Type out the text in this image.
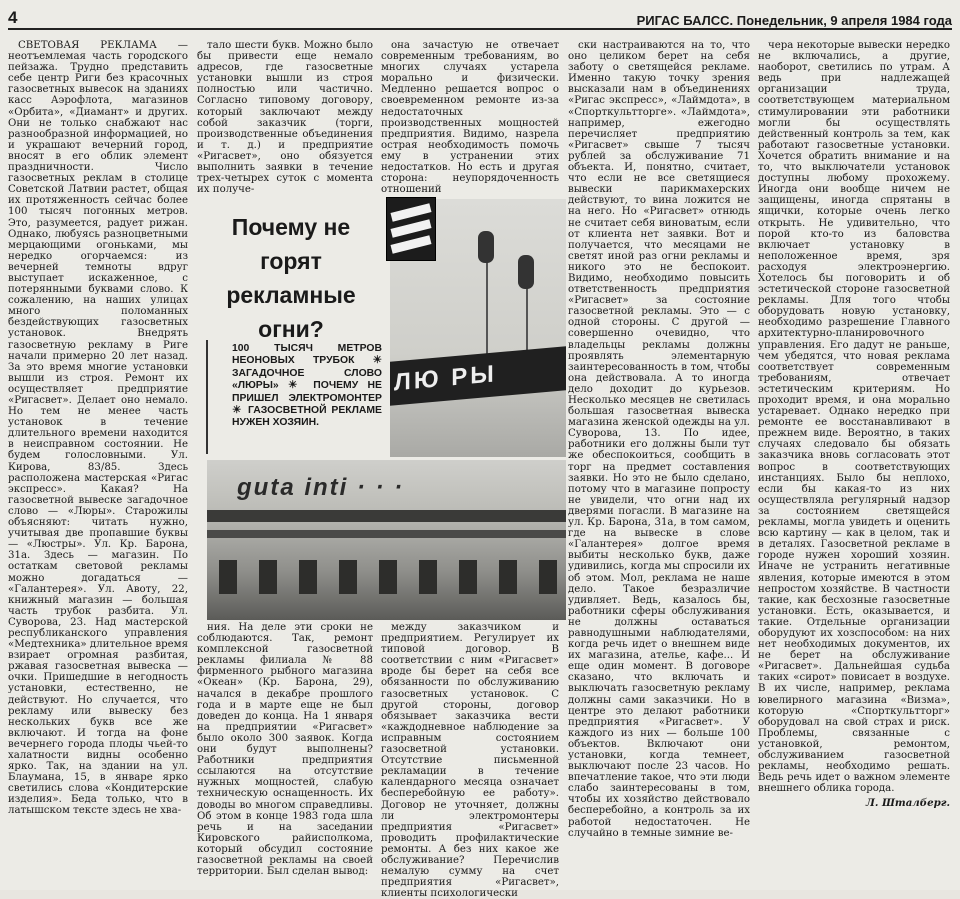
4	РИГАС БАЛСС. Понедельник, 9 апреля 1984 года

СВЕТОВАЯ РЕКЛАМА — неотъемлемая часть городского пейзажа. Трудно представить себе центр Риги без красочных газосветных вывесок на зданиях касс Аэрофлота, магазинов «Орбита», «Диамант» и других. Они не только снабжают нас разнообразной информацией, но и украшают вечерний город, вносят в его облик элемент праздничности. Число газосветных реклам в столице Советской Латвии растет, общая их протяженность сейчас более 100 тысяч погонных метров. Это, разумеется, радует рижан. Однако, любуясь разноцветными мерцающими огоньками, мы нередко огорчаемся: из вечерней темноты вдруг выступает искаженное, с потерянными буквами слово. К сожалению, на наших улицах много поломанных бездействующих газосветных установок. Внедрять газосветную рекламу в Риге начали примерно 20 лет назад. За это время многие установки вышли из строя. Ремонт их осуществляет предприятие «Ригасвет». Делает оно немало. Но тем не менее часть установок в течение длительного времени находится в неисправном состоянии. Не будем голословными. Ул. Кирова, 83/85. Здесь расположена мастерская «Ригас экспресс». Какая? На газосветной вывеске загадочное слово — «Люры». Старожилы объясняют: читать нужно, учитывая две пропавшие буквы — «Люстры». Ул. Кр. Барона, 31а. Здесь — магазин. По остаткам световой рекламы можно догадаться — «Галантерея». Ул. Авоту, 22, книжный магазин — большая часть трубок разбита. Ул. Суворова, 23. Над мастерской республиканского управления «Медтехника» длительное время взирает огромная разбитая, ржавая газосветная вывеска — очки. Пришедшие в негодность установки, естественно, не действуют. Но случается, что рекламу или вывеску без нескольких букв все же включают. И тогда на фоне вечернего города плоды чьей-то халатности видны особенно ярко. Так, на здании на ул. Блаумана, 15, в январе ярко светились слова «Кондитерские изделия». Беда только, что в латышском тексте здесь не хва-

тало шести букв. Можно было бы привести еще немало адресов, где газосветные установки вышли из строя полностью или частично. Согласно типовому договору, который заключают между собой заказчик (торги, производственные объединения и т. д.) и предприятие «Ригасвет», оно обязуется выполнить заявки в течение трех-четырех суток с момента их получе-

она зачастую не отвечает современным требованиям, во многих случаях устарела морально и физически. Медленно решается вопрос о своевременном ремонте из-за недостаточных производственных мощностей предприятия. Видимо, назрела острая необходимость помочь ему в устранении этих недостатков. Но есть и другая сторона: неупорядоченность отношений

ски настраиваются на то, что оно целиком берет на себя заботу о светящейся рекламе. Именно такую точку зрения высказали нам в объединениях «Ригас экспресс», «Лаймдота», в «Спорткультторге». «Лаймдота», например, ежегодно перечисляет предприятию «Ригасвет» свыше 7 тысяч рублей за обслуживание 71 объекта. И, понятно, считает, что если не все светящиеся вывески парикмахерских действуют, то вина ложится не на него. Но «Ригасвет» отнюдь не считает себя виноватым, если от клиента нет заявки. Вот и получается, что месяцами не светят иной раз огни рекламы и никого это не беспокоит. Видимо, необходимо повысить ответственность предприятия «Ригасвет» за состояние газосветной рекламы. Это — с одной стороны. С другой — совершенно очевидно, что владельцы рекламы должны проявлять элементарную заинтересованность в том, чтобы она действовала. А то иногда дело доходит до курьезов. Несколько месяцев не светилась большая газосветная вывеска магазина женской одежды на ул. Суворова, 13. По идее, работники его должны были тут же обеспокоиться, сообщить в торг на предмет составления заявки. Но это не было сделано, потому что в магазине попросту не увидели, что огни над их дверями погасли. В магазине на ул. Кр. Барона, 31а, в том самом, где на вывеске в слове «Галантерея» долгое время выбиты несколько букв, даже удивились, когда мы спросили их об этом. Мол, реклама не наше дело. Такое безразличие удивляет. Ведь, казалось бы, работники сферы обслуживания не должны оставаться равнодушными наблюдателями, когда речь идет о внешнем виде их магазина, ателье, кафе... И еще один момент. В договоре сказано, что включать и выключать газосветную рекламу должны сами заказчики. Но в центре это делают работники предприятия «Ригасвет». У каждого из них — больше 100 объектов. Включают они установки, когда темнеет, выключают после 23 часов. Но впечатление такое, что эти люди слабо заинтересованы в том, чтобы их хозяйство действовало бесперебойно, а контроль за их работой недостаточен. Не случайно в темные зимние ве-

чера некоторые вывески нередко не включались, а другие, наоборот, светились по утрам. А ведь при надлежащей организации труда, соответствующем материальном стимулировании эти работники могли бы осуществлять действенный контроль за тем, как работают газосветные установки. Хочется обратить внимание и на то, что выключатели установок доступны любому прохожему. Иногда они вообще ничем не защищены, иногда спрятаны в ящички, которые очень легко открыть. Не удивительно, что порой кто-то из баловства включает установку в неположенное время, зря расходуя электроэнергию. Хотелось бы поговорить и об эстетической стороне газосветной рекламы. Для того чтобы оборудовать новую установку, необходимо разрешение Главного архитектурно-планировочного управления. Его дадут не раньше, чем убедятся, что новая реклама соответствует современным требованиям, отвечает эстетическим критериям. Но проходит время, и она морально устаревает. Однако нередко при ремонте ее восстанавливают в прежнем виде. Вероятно, в таких случаях следовало бы обязать заказчика вновь согласовать этот вопрос в соответствующих инстанциях. Было бы неплохо, если бы какая-то из них осуществляла регулярный надзор за состоянием светящейся рекламы, могла увидеть и оценить всю картину — как в целом, так и в деталях. Газосветной рекламе в городе нужен хороший хозяин. Иначе не устранить негативные явления, которые имеются в этом непростом хозяйстве. В частности такие, как бесхозные газосветные установки. Есть, оказывается, и такие. Отдельные организации оборудуют их хозспособом: на них нет необходимых документов, их не берет на обслуживание «Ригасвет». Дальнейшая судьба таких «сирот» повисает в воздухе. В их числе, например, реклама ювелирного магазина «Визма», которую «Спорткультторг» оборудовал на свой страх и риск. Проблемы, связанные с установкой, ремонтом, обслуживанием газосветной рекламы, необходимо решать. Ведь речь идет о важном элементе внешнего облика города.

Л. Шталберг.

ния. На деле эти сроки не соблюдаются. Так, ремонт комплексной газосветной рекламы филиала № 88 фирменного рыбного магазина «Океан» (Кр. Барона, 29), начался в декабре прошлого года и в марте еще не был доведен до конца. На 1 января на предприятии «Ригасвет» было около 300 заявок. Когда они будут выполнены? Работники предприятия ссылаются на отсутствие нужных мощностей, слабую техническую оснащенность. Их доводы во многом справедливы. Об этом в конце 1983 года шла речь и на заседании Кировского райисполкома, который обсудил состояние газосветной рекламы на своей территории. Был сделан вывод:

между заказчиком и предприятием. Регулирует их типовой договор. В соответствии с ним «Ригасвет» вроде бы берет на себя все обязанности по обслуживанию газосветных установок. С другой стороны, договор обязывает заказчика вести «каждодневное наблюдение за исправным состоянием газосветной установки. Отсутствие письменной рекламации в течение календарного месяца означает бесперебойную ее работу». Договор не уточняет, должны ли электромонтеры предприятия «Ригасвет» проводить профилактические ремонты. А без них какое же обслуживание? Перечислив немалую сумму на счет предприятия «Ригасвет», клиенты психологически

Почему не горят
рекламные
огни?
100 ТЫСЯЧ МЕТРОВ НЕОНОВЫХ ТРУБОК ☀ ЗАГАДОЧНОЕ СЛОВО «ЛЮРЫ» ☀ ПОЧЕМУ НЕ ПРИШЕЛ ЭЛЕКТРОМОНТЕР ☀ ГАЗОСВЕТНОЙ РЕКЛАМЕ НУЖЕН ХОЗЯИН.
ЛЮ РЫ
guta inti · · ·
